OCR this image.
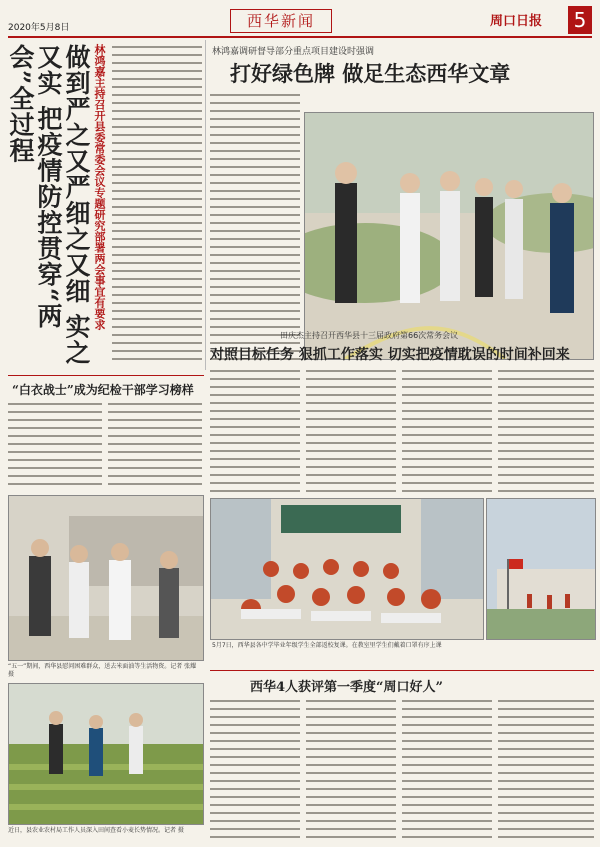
2020年5月8日	西华新闻	周口日报 5
林鸿嘉主持召开县委常委会议专题研究部署两会事宜有要求
做到严之又严细之又细 实之又实 把疫情防控贯穿“两会”全过程	林鸿嘉调研督导部分重点项目建设时强调
打好绿色牌 做足生态西华文章
田庆杰主持召开西华县十三届政府第66次常务会议
对照目标任务 狠抓工作落实 切实把疫情耽误的时间补回来
5月7日，西华县各中学毕业年级学生全部返校复课。在教室里学生们戴着口罩有序上课
“白衣战士”成为纪检干部学习榜样
“五一”期间，西华县慰问困难群众，送去米面油等生活物资。记者 张耀 摄
近日，县农业农村局工作人员深入田间查看小麦长势情况。记者 摄
西华4人获评第一季度“周口好人”
